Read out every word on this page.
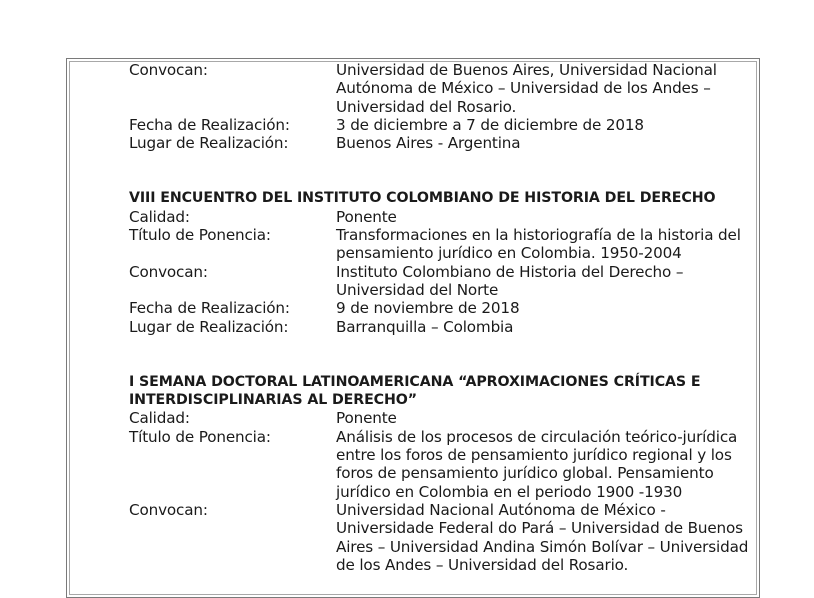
Convocan:	Universidad de Buenos Aires, Universidad Nacional
Autónoma de México – Universidad de los Andes –
Universidad del Rosario.
Fecha de Realización:	3 de diciembre a 7 de diciembre de 2018
Lugar de Realización:	Buenos Aires - Argentina
VIII ENCUENTRO DEL INSTITUTO COLOMBIANO DE HISTORIA DEL DERECHO
Calidad:	Ponente
Título de Ponencia:	Transformaciones en la historiografía de la historia del
pensamiento jurídico en Colombia. 1950-2004
Convocan:	Instituto Colombiano de Historia del Derecho –
Universidad del Norte
Fecha de Realización:	9 de noviembre de 2018
Lugar de Realización:	Barranquilla – Colombia
I SEMANA DOCTORAL LATINOAMERICANA “APROXIMACIONES CRÍTICAS E
INTERDISCIPLINARIAS AL DERECHO”
Calidad:	Ponente
Título de Ponencia:	Análisis de los procesos de circulación teórico-jurídica
entre los foros de pensamiento jurídico regional y los
foros de pensamiento jurídico global. Pensamiento
jurídico en Colombia en el periodo 1900 -1930
Convocan:	Universidad Nacional Autónoma de México -
Universidade Federal do Pará – Universidad de Buenos
Aires – Universidad Andina Simón Bolívar – Universidad
de los Andes – Universidad del Rosario.
